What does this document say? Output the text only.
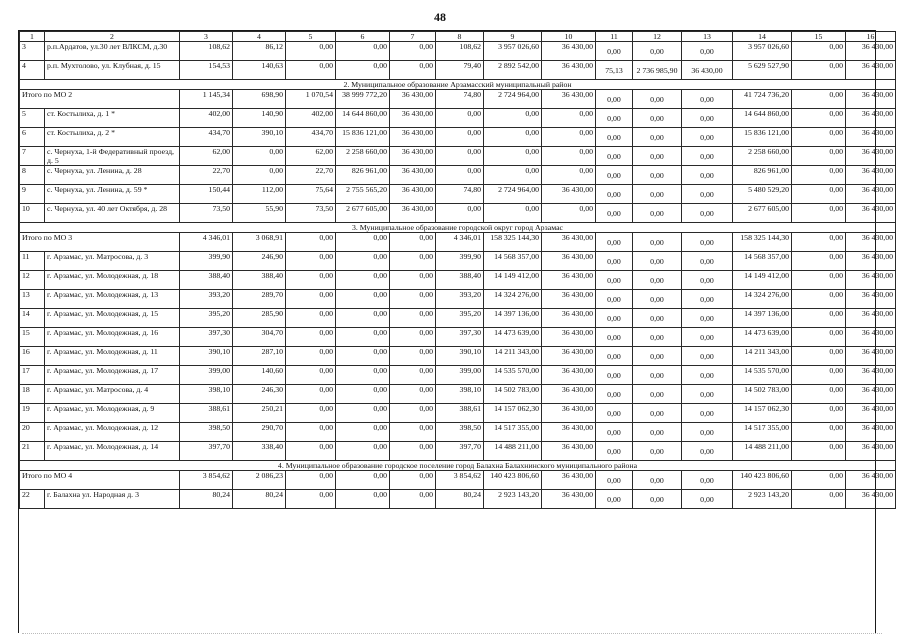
48
1	2	3	4	5	6	7	8	9	10	11	12	13	14	15	16
3	р.п.Ардатов, ул.30 лет ВЛКСМ, д.30	108,62	86,12	0,00	0,00	0,00	108,62	3 957 026,60	36 430,00	0,00	0,00	0,00	3 957 026,60	0,00	36 430,00
4	р.п. Мухтолово, ул. Клубная, д. 15	154,53	140,63	0,00	0,00	0,00	79,40	2 892 542,00	36 430,00	75,13	2 736 985,90	36 430,00	5 629 527,90	0,00	36 430,00
2. Муниципальное образование Арзамасский муниципальный район															
Итого по МО 2		1 145,34	698,90	1 070,54	38 999 772,20	36 430,00	74,80	2 724 964,00	36 430,00	0,00	0,00	0,00	41 724 736,20	0,00	36 430,00
5	ст. Костылиха, д. 1 *	402,00	140,90	402,00	14 644 860,00	36 430,00	0,00	0,00	0,00	0,00	0,00	0,00	14 644 860,00	0,00	36 430,00
6	ст. Костылиха, д. 2 *	434,70	390,10	434,70	15 836 121,00	36 430,00	0,00	0,00	0,00	0,00	0,00	0,00	15 836 121,00	0,00	36 430,00
7	с. Чернуха, 1-й Федеративный проезд, д. 5	62,00	0,00	62,00	2 258 660,00	36 430,00	0,00	0,00	0,00	0,00	0,00	0,00	2 258 660,00	0,00	36 430,00
8	с. Чернуха, ул. Ленина, д. 28	22,70	0,00	22,70	826 961,00	36 430,00	0,00	0,00	0,00	0,00	0,00	0,00	826 961,00	0,00	36 430,00
9	с. Чернуха, ул. Ленина, д. 59 *	150,44	112,00	75,64	2 755 565,20	36 430,00	74,80	2 724 964,00	36 430,00	0,00	0,00	0,00	5 480 529,20	0,00	36 430,00
10	с. Чернуха, ул. 40 лет Октября, д. 28	73,50	55,90	73,50	2 677 605,00	36 430,00	0,00	0,00	0,00	0,00	0,00	0,00	2 677 605,00	0,00	36 430,00
3. Муниципальное образование городской округ город Арзамас															
Итого по МО 3		4 346,01	3 068,91	0,00	0,00	0,00	4 346,01	158 325 144,30	36 430,00	0,00	0,00	0,00	158 325 144,30	0,00	36 430,00
11	г. Арзамас, ул. Матросова, д. 3	399,90	246,90	0,00	0,00	0,00	399,90	14 568 357,00	36 430,00	0,00	0,00	0,00	14 568 357,00	0,00	36 430,00
12	г. Арзамас, ул. Молодежная, д. 18	388,40	388,40	0,00	0,00	0,00	388,40	14 149 412,00	36 430,00	0,00	0,00	0,00	14 149 412,00	0,00	36 430,00
13	г. Арзамас, ул. Молодежная, д. 13	393,20	289,70	0,00	0,00	0,00	393,20	14 324 276,00	36 430,00	0,00	0,00	0,00	14 324 276,00	0,00	36 430,00
14	г. Арзамас, ул. Молодежная, д. 15	395,20	285,90	0,00	0,00	0,00	395,20	14 397 136,00	36 430,00	0,00	0,00	0,00	14 397 136,00	0,00	36 430,00
15	г. Арзамас, ул. Молодежная, д. 16	397,30	304,70	0,00	0,00	0,00	397,30	14 473 639,00	36 430,00	0,00	0,00	0,00	14 473 639,00	0,00	36 430,00
16	г. Арзамас, ул. Молодежная, д. 11	390,10	287,10	0,00	0,00	0,00	390,10	14 211 343,00	36 430,00	0,00	0,00	0,00	14 211 343,00	0,00	36 430,00
17	г. Арзамас, ул. Молодежная, д. 17	399,00	140,60	0,00	0,00	0,00	399,00	14 535 570,00	36 430,00	0,00	0,00	0,00	14 535 570,00	0,00	36 430,00
18	г. Арзамас, ул. Матросова, д. 4	398,10	246,30	0,00	0,00	0,00	398,10	14 502 783,00	36 430,00	0,00	0,00	0,00	14 502 783,00	0,00	36 430,00
19	г. Арзамас, ул. Молодежная, д. 9	388,61	250,21	0,00	0,00	0,00	388,61	14 157 062,30	36 430,00	0,00	0,00	0,00	14 157 062,30	0,00	36 430,00
20	г. Арзамас, ул. Молодежная, д. 12	398,50	290,70	0,00	0,00	0,00	398,50	14 517 355,00	36 430,00	0,00	0,00	0,00	14 517 355,00	0,00	36 430,00
21	г. Арзамас, ул. Молодежная, д. 14	397,70	338,40	0,00	0,00	0,00	397,70	14 488 211,00	36 430,00	0,00	0,00	0,00	14 488 211,00	0,00	36 430,00
4. Муниципальное образование городское поселение город Балахна Балахнинского муниципального района															
Итого по МО 4		3 854,62	2 086,23	0,00	0,00	0,00	3 854,62	140 423 806,60	36 430,00	0,00	0,00	0,00	140 423 806,60	0,00	36 430,00
22	г. Балахна ул. Народная д. 3	80,24	80,24	0,00	0,00	0,00	80,24	2 923 143,20	36 430,00	0,00	0,00	0,00	2 923 143,20	0,00	36 430,00
